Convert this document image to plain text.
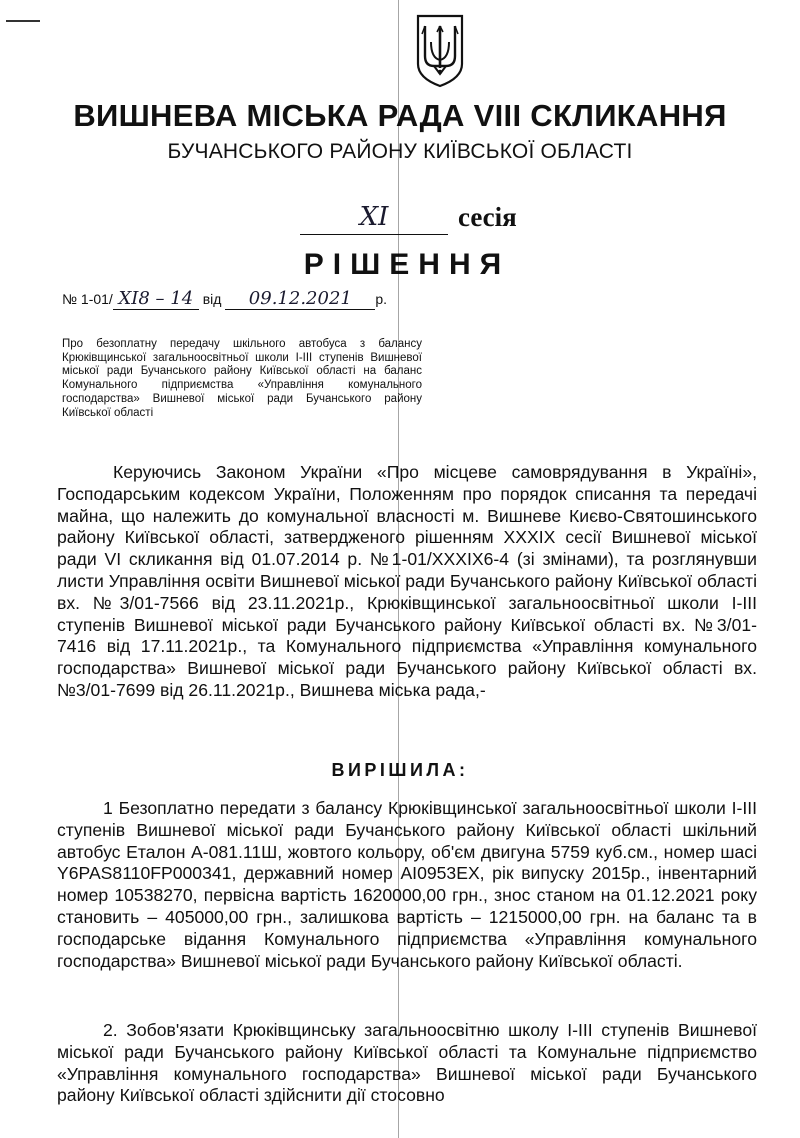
ВИШНЕВА МІСЬКА РАДА VIII СКЛИКАННЯ
БУЧАНСЬКОГО РАЙОНУ КИЇВСЬКОЇ ОБЛАСТІ
XI	сесія
РІШЕННЯ
№ 1-01/ XI8 – 14 від 09.12.2021 р.
Про безоплатну передачу шкільного автобуса з балансу Крюківщинської загальноосвітньої школи І-ІІІ ступенів Вишневої міської ради Бучанського району Київської області на баланс Комунального підприємства «Управління комунального господарства» Вишневої міської ради Бучанського району Київської області
Керуючись Законом України «Про місцеве самоврядування в Україні», Господарським кодексом України, Положенням про порядок списання та передачі майна, що належить до комунальної власності м. Вишневе Києво-Святошинського району Київської області, затвердженого рішенням XXXIX сесії Вишневої міської ради VI скликання від 01.07.2014 р. №1-01/XXXIX6-4 (зі змінами), та розглянувши листи Управління освіти Вишневої міської ради Бучанського району Київської області вх. №3/01-7566 від 23.11.2021р., Крюківщинської загальноосвітньої школи І-ІІІ ступенів Вишневої міської ради Бучанського району Київської області вх. №3/01-7416 від 17.11.2021р., та Комунального підприємства «Управління комунального господарства» Вишневої міської ради Бучанського району Київської області вх. №3/01-7699 від 26.11.2021р., Вишнева міська рада,-
ВИРІШИЛА:
1 Безоплатно передати з балансу Крюківщинської загальноосвітньої школи І-ІІІ ступенів Вишневої міської ради Бучанського району Київської області шкільний автобус Еталон А-081.11Ш, жовтого кольору, об'єм двигуна 5759 куб.см., номер шасі Y6PAS8110FP000341, державний номер АІ0953ЕХ, рік випуску 2015р., інвентарний номер 10538270, первісна вартість 1620000,00 грн., знос станом на 01.12.2021 року становить – 405000,00 грн., залишкова вартість – 1215000,00 грн. на баланс та в господарське відання Комунального підприємства «Управління комунального господарства» Вишневої міської ради Бучанського району Київської області.
2. Зобов'язати Крюківщинську загальноосвітню школу І-ІІІ ступенів Вишневої міської ради Бучанського району Київської області та Комунальне підприємство «Управління комунального господарства» Вишневої міської ради Бучанського району Київської області здійснити дії стосовно
